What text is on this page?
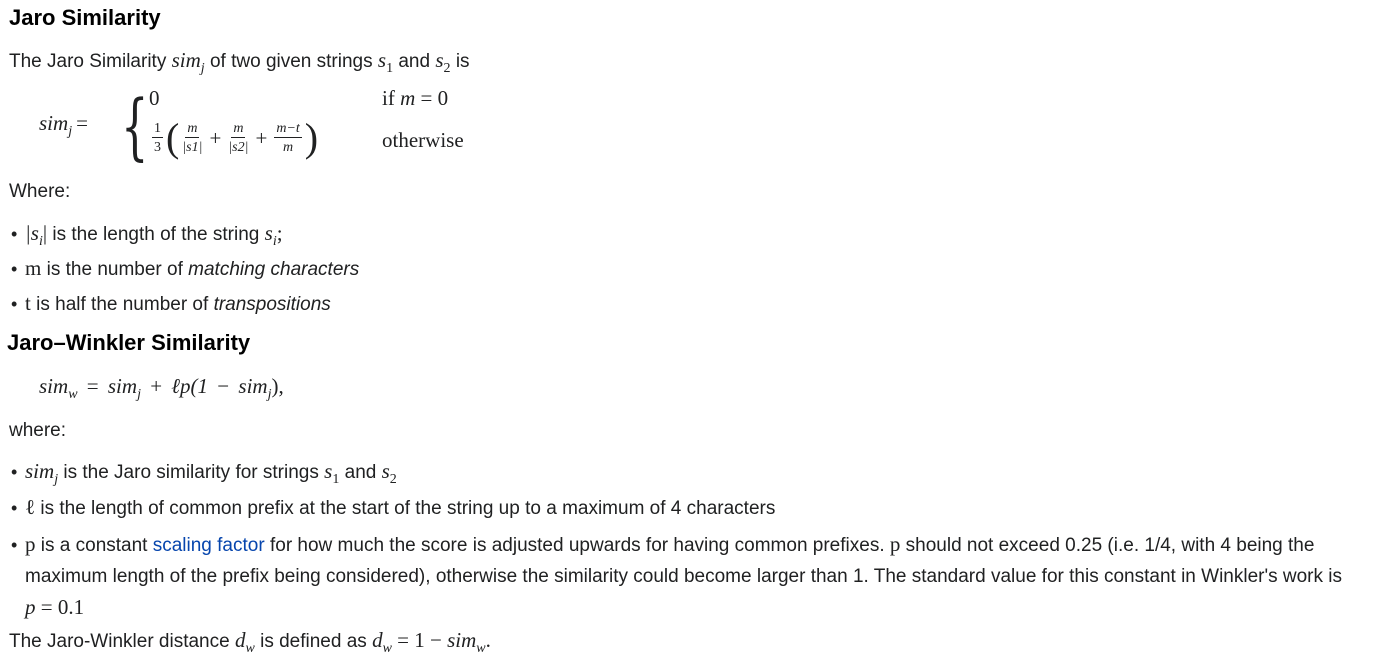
Jaro Similarity

The Jaro Similarity sim$_j$ of two given strings $s_1$ and $s_2$ is

sim$_j$ = { 0
$\frac{1}{3}$ ( $\frac{m}{|s1|} + \frac{m}{|s2|} + \frac{m-t}{m}$ )
if m = 0
otherwise

Where:

• $|s_i|$ is the length of the string $s_i$;
• m is the number of matching characters
• t is half the number of transpositions
Jaro–Winkler Similarity
sim$_w$ = sim$_j$ + ℓp(1 − sim$_j$),

where:

• sim$_j$ is the Jaro similarity for strings $s_1$ and $s_2$
• ℓ is the length of common prefix at the start of the string up to a maximum of 4 characters
• p is a constant scaling factor for how much the score is adjusted upwards for having common prefixes. p should not exceed 0.25 (i.e. 1/4, with 4 being the maximum length of the prefix being considered), otherwise the similarity could become larger than 1. The standard value for this constant in Winkler's work is
p = 0.1

The Jaro-Winkler distance $d_w$ is defined as $d_w = 1 - sim_w$.
